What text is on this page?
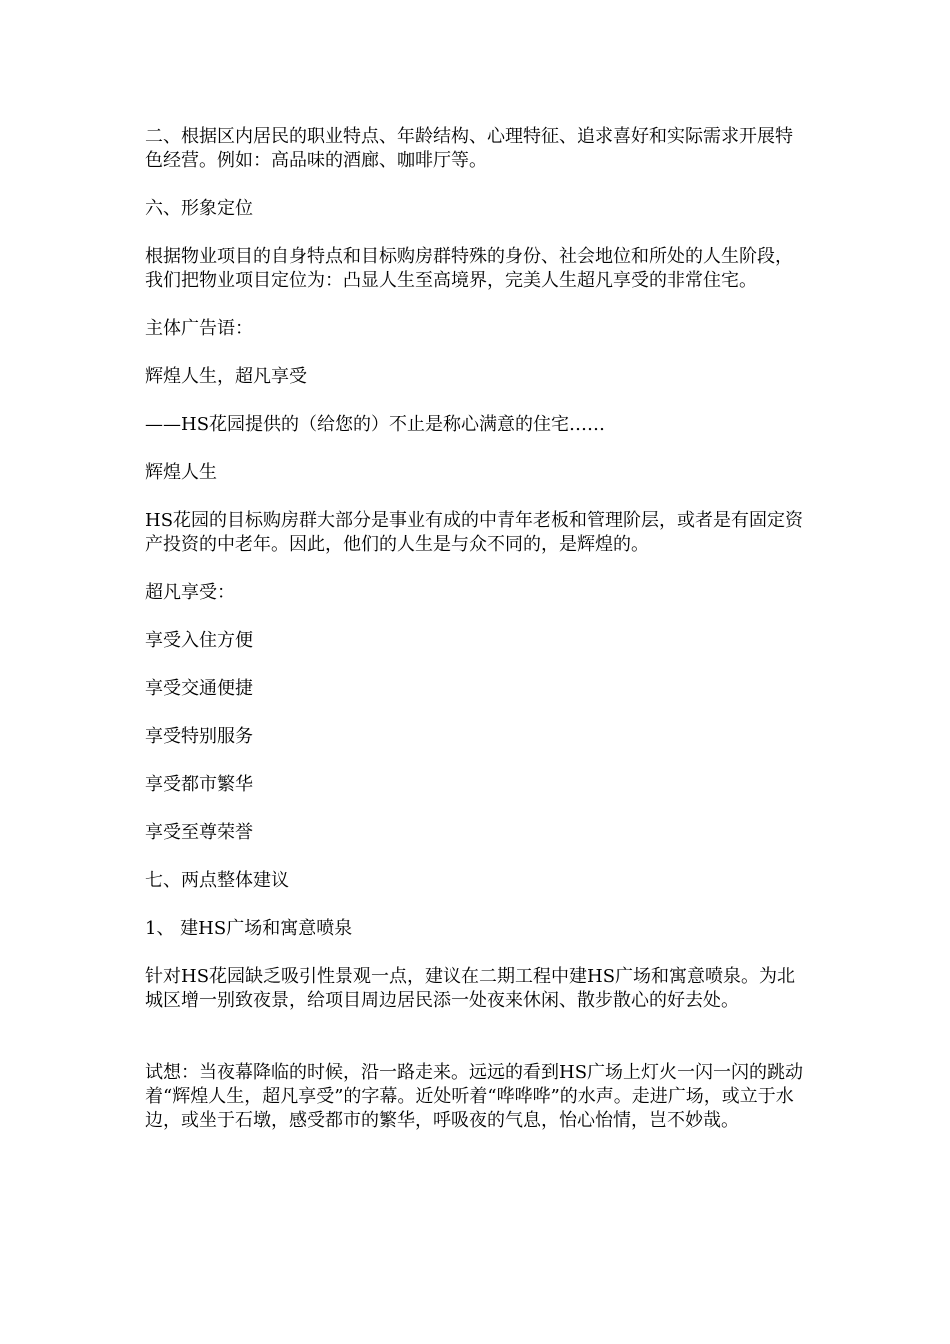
二、根据区内居民的职业特点、年龄结构、心理特征、追求喜好和实际需求开展特色经营。例如：高品味的酒廊、咖啡厅等。

六、形象定位

根据物业项目的自身特点和目标购房群特殊的身份、社会地位和所处的人生阶段，我们把物业项目定位为：凸显人生至高境界，完美人生超凡享受的非常住宅。

主体广告语：

辉煌人生，超凡享受

——HS花园提供的（给您的）不止是称心满意的住宅……

辉煌人生

HS花园的目标购房群大部分是事业有成的中青年老板和管理阶层，或者是有固定资产投资的中老年。因此，他们的人生是与众不同的，是辉煌的。

超凡享受：

享受入住方便

享受交通便捷

享受特别服务

享受都市繁华

享受至尊荣誉

七、两点整体建议

1、 建HS广场和寓意喷泉

针对HS花园缺乏吸引性景观一点，建议在二期工程中建HS广场和寓意喷泉。为北城区增一别致夜景，给项目周边居民添一处夜来休闲、散步散心的好去处。

试想：当夜幕降临的时候，沿一路走来。远远的看到HS广场上灯火一闪一闪的跳动着“辉煌人生，超凡享受”的字幕。近处听着“哗哗哗”的水声。走进广场，或立于水边，或坐于石墩，感受都市的繁华，呼吸夜的气息，怡心怡情，岂不妙哉。
